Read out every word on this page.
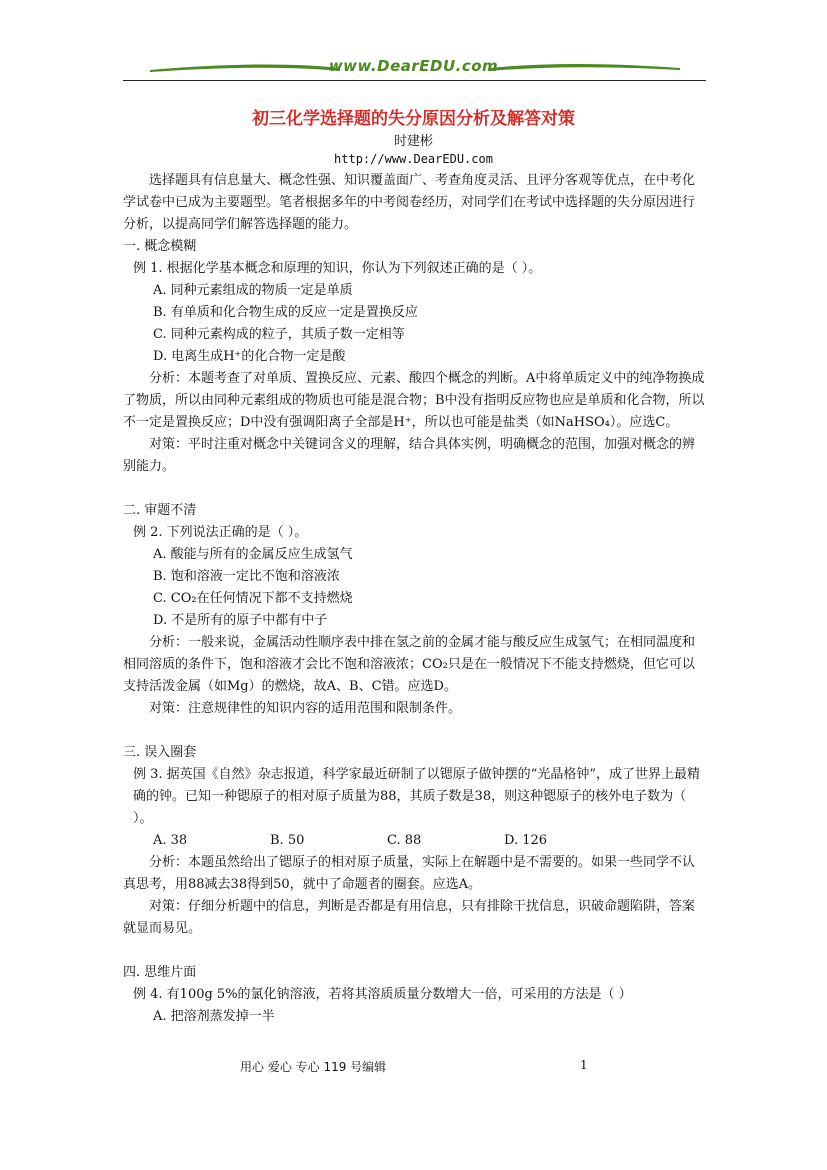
www.DearEDU.com
初三化学选择题的失分原因分析及解答对策
时建彬
http://www.DearEDU.com

选择题具有信息量大、概念性强、知识覆盖面广、考查角度灵活、且评分客观等优点，在中考化学试卷中已成为主要题型。笔者根据多年的中考阅卷经历，对同学们在考试中选择题的失分原因进行分析，以提高同学们解答选择题的能力。

一. 概念模糊

例 1. 根据化学基本概念和原理的知识，你认为下列叙述正确的是（ ）。

A. 同种元素组成的物质一定是单质

B. 有单质和化合物生成的反应一定是置换反应

C. 同种元素构成的粒子，其质子数一定相等

D. 电离生成H⁺的化合物一定是酸

分析：本题考查了对单质、置换反应、元素、酸四个概念的判断。A中将单质定义中的纯净物换成了物质，所以由同种元素组成的物质也可能是混合物；B中没有指明反应物也应是单质和化合物，所以不一定是置换反应；D中没有强调阳离子全部是H⁺，所以也可能是盐类（如NaHSO₄）。应选C。

对策：平时注重对概念中关键词含义的理解，结合具体实例，明确概念的范围，加强对概念的辨别能力。

二. 审题不清

例 2. 下列说法正确的是（ ）。

A. 酸能与所有的金属反应生成氢气

B. 饱和溶液一定比不饱和溶液浓

C. CO₂在任何情况下都不支持燃烧

D. 不是所有的原子中都有中子

分析：一般来说，金属活动性顺序表中排在氢之前的金属才能与酸反应生成氢气；在相同温度和相同溶质的条件下，饱和溶液才会比不饱和溶液浓；CO₂只是在一般情况下不能支持燃烧，但它可以支持活泼金属（如Mg）的燃烧，故A、B、C错。应选D。

对策：注意规律性的知识内容的适用范围和限制条件。

三. 误入圈套

例 3. 据英国《自然》杂志报道，科学家最近研制了以锶原子做钟摆的“光晶格钟”，成了世界上最精确的钟。已知一种锶原子的相对原子质量为88，其质子数是38，则这种锶原子的核外电子数为（ ）。

A. 38	B. 50	C. 88	D. 126

分析：本题虽然给出了锶原子的相对原子质量，实际上在解题中是不需要的。如果一些同学不认真思考，用88减去38得到50，就中了命题者的圈套。应选A。

对策：仔细分析题中的信息，判断是否都是有用信息，只有排除干扰信息，识破命题陷阱，答案就显而易见。

四. 思维片面

例 4. 有100g 5%的氯化钠溶液，若将其溶质质量分数增大一倍，可采用的方法是（ ）

A. 把溶剂蒸发掉一半

用心 爱心 专心 119 号编辑	1
